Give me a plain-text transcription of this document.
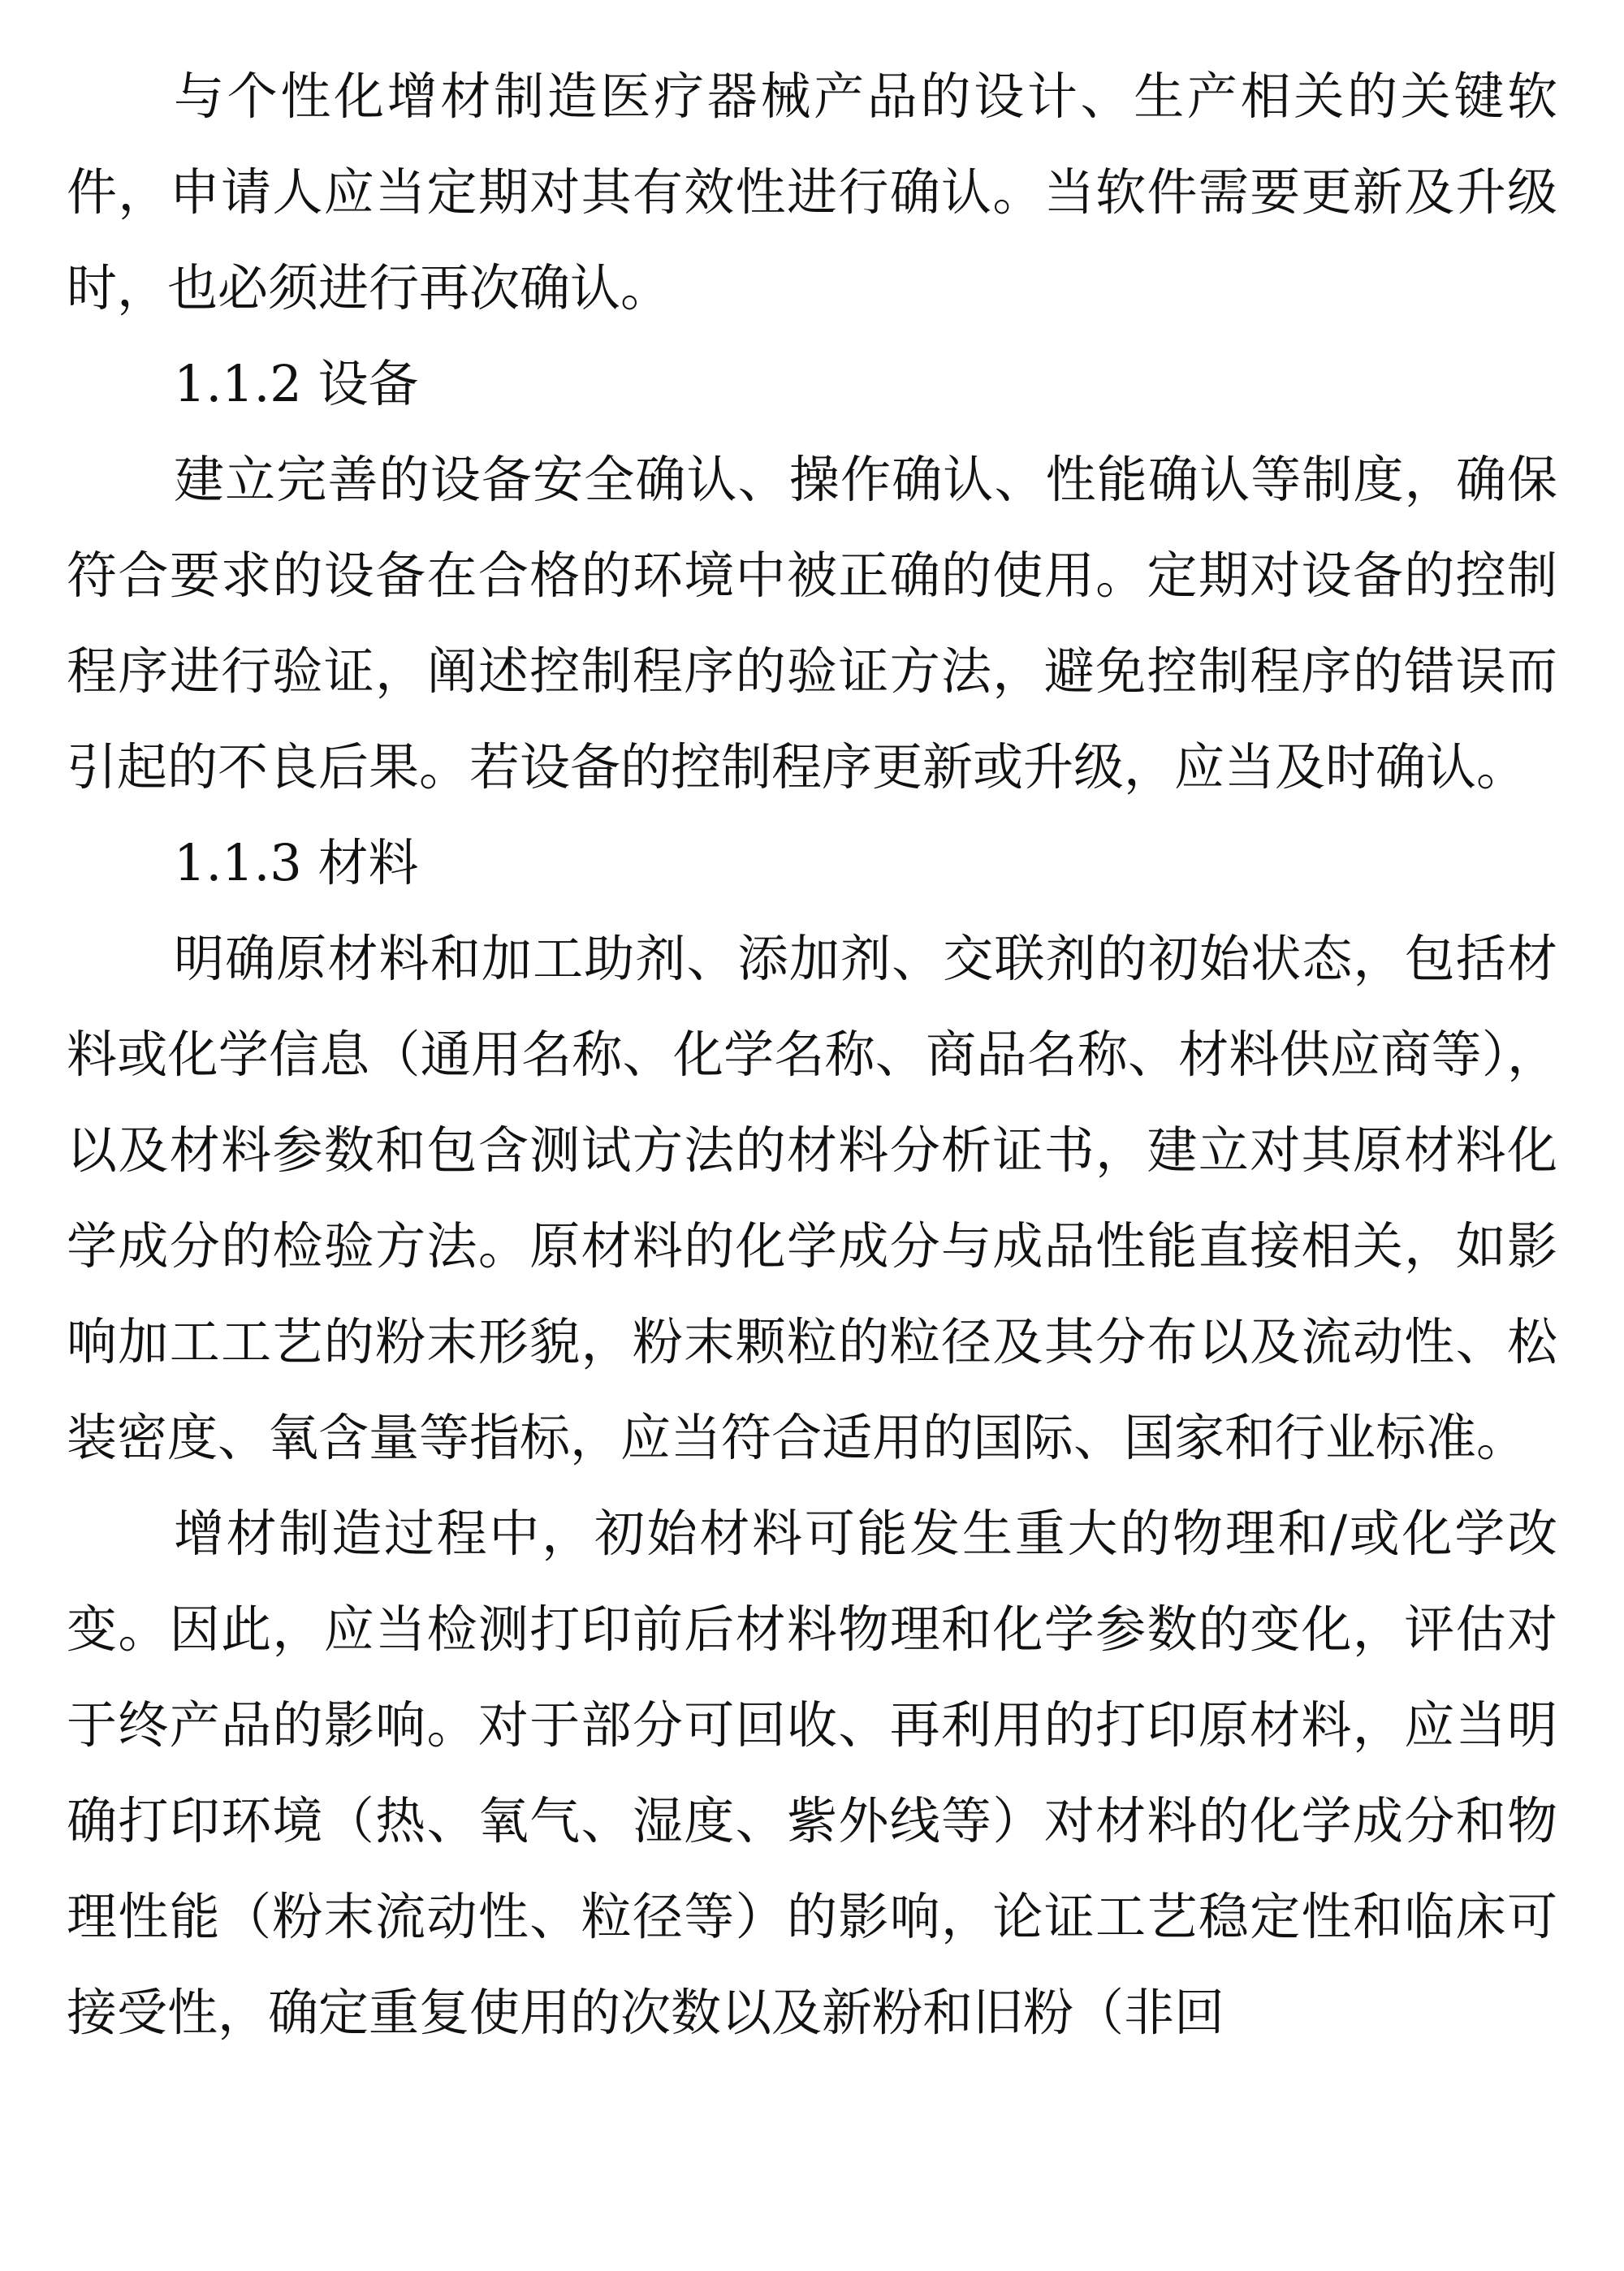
与个性化增材制造医疗器械产品的设计、生产相关的关键软件，申请人应当定期对其有效性进行确认。当软件需要更新及升级时，也必须进行再次确认。

1.1.2 设备

建立完善的设备安全确认、操作确认、性能确认等制度，确保符合要求的设备在合格的环境中被正确的使用。定期对设备的控制程序进行验证，阐述控制程序的验证方法，避免控制程序的错误而引起的不良后果。若设备的控制程序更新或升级，应当及时确认。

1.1.3 材料

明确原材料和加工助剂、添加剂、交联剂的初始状态，包括材料或化学信息（通用名称、化学名称、商品名称、材料供应商等），以及材料参数和包含测试方法的材料分析证书，建立对其原材料化学成分的检验方法。原材料的化学成分与成品性能直接相关，如影响加工工艺的粉末形貌，粉末颗粒的粒径及其分布以及流动性、松装密度、氧含量等指标，应当符合适用的国际、国家和行业标准。

增材制造过程中，初始材料可能发生重大的物理和/或化学改变。因此，应当检测打印前后材料物理和化学参数的变化，评估对于终产品的影响。对于部分可回收、再利用的打印原材料，应当明确打印环境（热、氧气、湿度、紫外线等）对材料的化学成分和物理性能（粉末流动性、粒径等）的影响，论证工艺稳定性和临床可接受性，确定重复使用的次数以及新粉和旧粉（非回
